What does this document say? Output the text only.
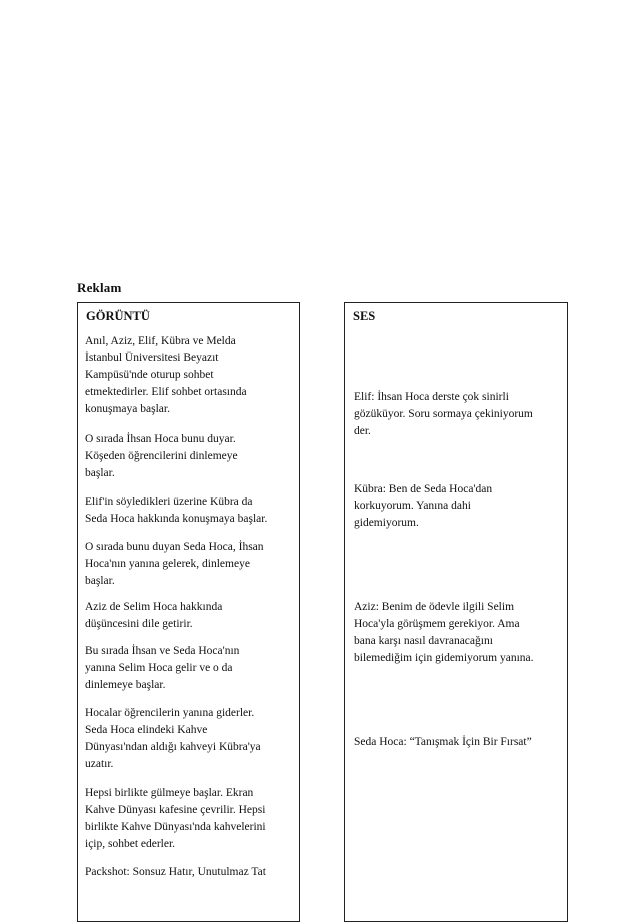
Reklam
GÖRÜNTÜ
Anıl, Aziz, Elif, Kübra ve Melda
İstanbul Üniversitesi Beyazıt
Kampüsü'nde oturup sohbet
etmektedirler. Elif sohbet ortasında
konuşmaya başlar.
O sırada İhsan Hoca bunu duyar.
Köşeden öğrencilerini dinlemeye
başlar.
Elif'in söyledikleri üzerine Kübra da
Seda Hoca hakkında konuşmaya başlar.
O sırada bunu duyan Seda Hoca, İhsan
Hoca'nın yanına gelerek, dinlemeye
başlar.
Aziz de Selim Hoca hakkında
düşüncesini dile getirir.
Bu sırada İhsan ve Seda Hoca'nın
yanına Selim Hoca gelir ve o da
dinlemeye başlar.
Hocalar öğrencilerin yanına giderler.
Seda Hoca elindeki Kahve
Dünyası'ndan aldığı kahveyi Kübra'ya
uzatır.
Hepsi birlikte gülmeye başlar. Ekran
Kahve Dünyası kafesine çevrilir. Hepsi
birlikte Kahve Dünyası'nda kahvelerini
içip, sohbet ederler.
Packshot: Sonsuz Hatır, Unutulmaz Tat
SES
Elif: İhsan Hoca derste çok sinirli
gözüküyor. Soru sormaya çekiniyorum
der.
Kübra: Ben de Seda Hoca'dan
korkuyorum. Yanına dahi
gidemiyorum.
Aziz: Benim de ödevle ilgili Selim
Hoca'yla görüşmem gerekiyor. Ama
bana karşı nasıl davranacağını
bilemediğim için gidemiyorum yanına.
Seda Hoca: “Tanışmak İçin Bir Fırsat”
